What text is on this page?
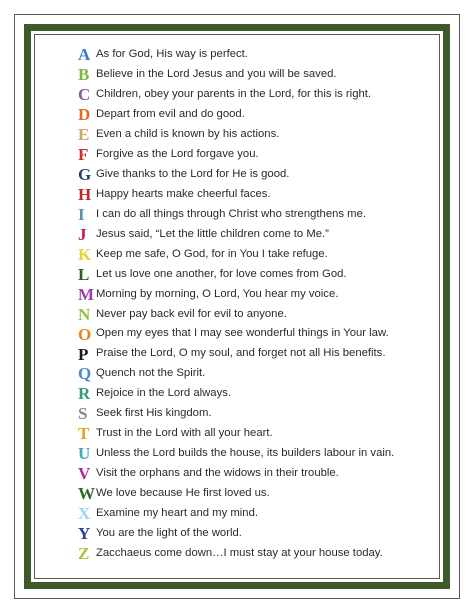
A As for God, His way is perfect.
B Believe in the Lord Jesus and you will be saved.
C Children, obey your parents in the Lord, for this is right.
D Depart from evil and do good.
E Even a child is known by his actions.
F Forgive as the Lord forgave you.
G Give thanks to the Lord for He is good.
H Happy hearts make cheerful faces.
I	I can do all things through Christ who strengthens me.
J Jesus said, “Let the little children come to Me.”
K Keep me safe, O God, for in You I take refuge.
L Let us love one another, for love comes from God.
M Morning by morning, O Lord, You hear my voice.
N Never pay back evil for evil to anyone.
O Open my eyes that I may see wonderful things in Your law.
P Praise the Lord, O my soul, and forget not all His benefits.
Q Quench not the Spirit.
R Rejoice in the Lord always.
S Seek first His kingdom.
T Trust in the Lord with all your heart.
U Unless the Lord builds the house, its builders labour in vain.
V Visit the orphans and the widows in their trouble.
W We love because He first loved us.
X Examine my heart and my mind.
Y You are the light of the world.
Z Zacchaeus come down…I must stay at your house today.
